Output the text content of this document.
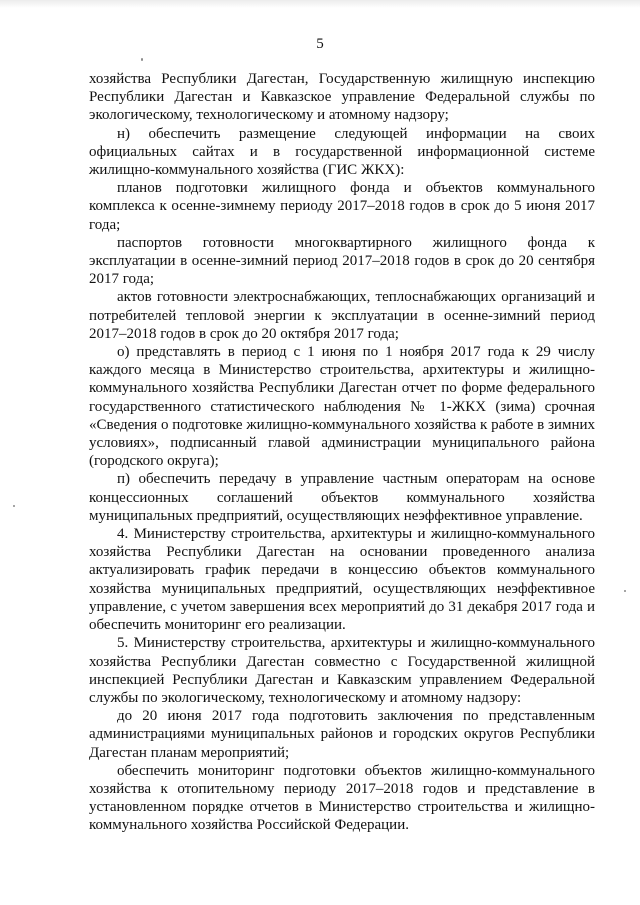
5

хозяйства Республики Дагестан, Государственную жилищную инспекцию Республики Дагестан и Кавказское управление Федеральной службы по экологическому, технологическому и атомному надзору;

н) обеспечить размещение следующей информации на своих официальных сайтах и в государственной информационной системе жилищно-коммунального хозяйства (ГИС ЖКХ):

планов подготовки жилищного фонда и объектов коммунального комплекса к осенне-зимнему периоду 2017–2018 годов в срок до 5 июня 2017 года;

паспортов готовности многоквартирного жилищного фонда к эксплуатации в осенне-зимний период 2017–2018 годов в срок до 20 сентября 2017 года;

актов готовности электроснабжающих, теплоснабжающих организаций и потребителей тепловой энергии к эксплуатации в осенне-зимний период 2017–2018 годов в срок до 20 октября 2017 года;

о) представлять в период с 1 июня по 1 ноября 2017 года к 29 числу каждого месяца в Министерство строительства, архитектуры и жилищно-коммунального хозяйства Республики Дагестан отчет по форме федерального государственного статистического наблюдения № 1-ЖКХ (зима) срочная «Сведения о подготовке жилищно-коммунального хозяйства к работе в зимних условиях», подписанный главой администрации муниципального района (городского округа);

п) обеспечить передачу в управление частным операторам на основе концессионных соглашений объектов коммунального хозяйства муниципальных предприятий, осуществляющих неэффективное управление.

4. Министерству строительства, архитектуры и жилищно-коммунального хозяйства Республики Дагестан на основании проведенного анализа актуализировать график передачи в концессию объектов коммунального хозяйства муниципальных предприятий, осуществляющих неэффективное управление, с учетом завершения всех мероприятий до 31 декабря 2017 года и обеспечить мониторинг его реализации.

5. Министерству строительства, архитектуры и жилищно-коммунального хозяйства Республики Дагестан совместно с Государственной жилищной инспекцией Республики Дагестан и Кавказским управлением Федеральной службы по экологическому, технологическому и атомному надзору:

до 20 июня 2017 года подготовить заключения по представленным администрациями муниципальных районов и городских округов Республики Дагестан планам мероприятий;

обеспечить мониторинг подготовки объектов жилищно-коммунального хозяйства к отопительному периоду 2017–2018 годов и представление в установленном порядке отчетов в Министерство строительства и жилищно-коммунального хозяйства Российской Федерации.
